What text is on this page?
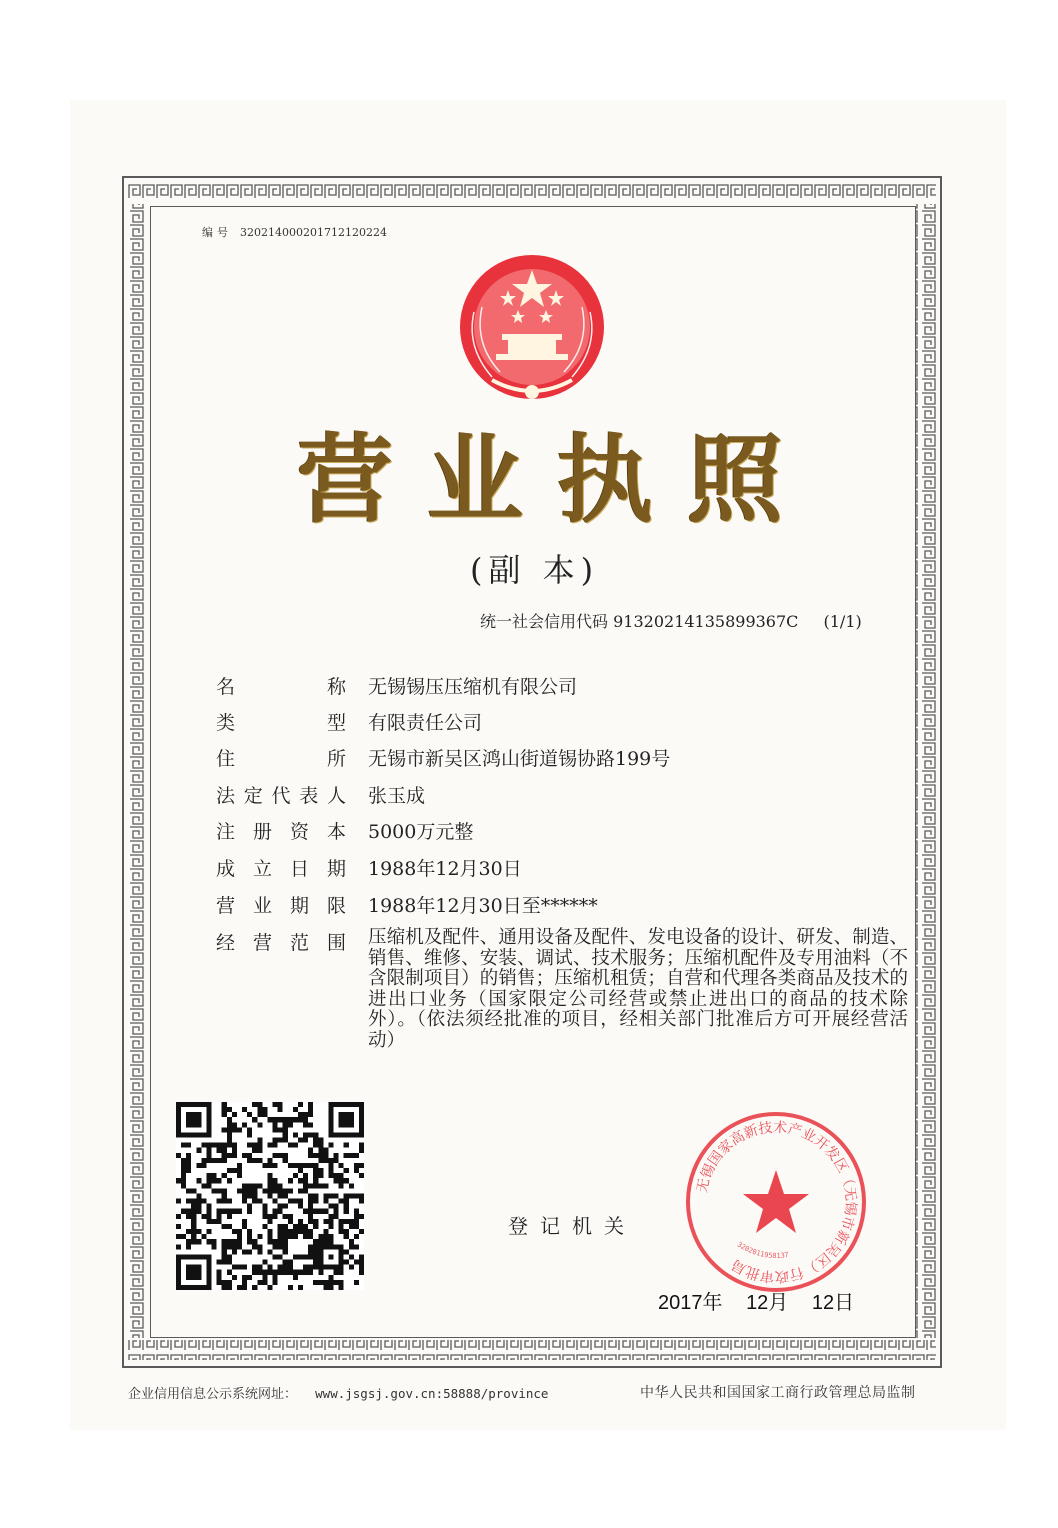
编号 320214000201712120224
营 业 执 照
(副 本)
统一社会信用代码 91320214135899367C (1/1)
名	称 无锡锡压压缩机有限公司
类	型 有限责任公司
住	所 无锡市新吴区鸿山街道锡协路199号
法 定 代 表 人 张玉成
注 册 资 本 5000万元整
成 立 日 期 1988年12月30日
营 业 期 限 1988年12月30日至******
经 营 范 围 压缩机及配件、通用设备及配件、发电设备的设计、研发、制造、销售、维修、安装、调试、技术服务；压缩机配件及专用油料（不含限制项目）的销售；压缩机租赁；自营和代理各类商品及技术的进出口业务（国家限定公司经营或禁止进出口的商品的技术除外）。（依法须经批准的项目，经相关部门批准后方可开展经营活动）
登记机关
无锡国家高新技术产业开发区（无锡市新吴区）行政审批局
3202011958137
2017年 12月 12日
企业信用信息公示系统网址： www.jsgsj.gov.cn:58888/province	中华人民共和国国家工商行政管理总局监制
